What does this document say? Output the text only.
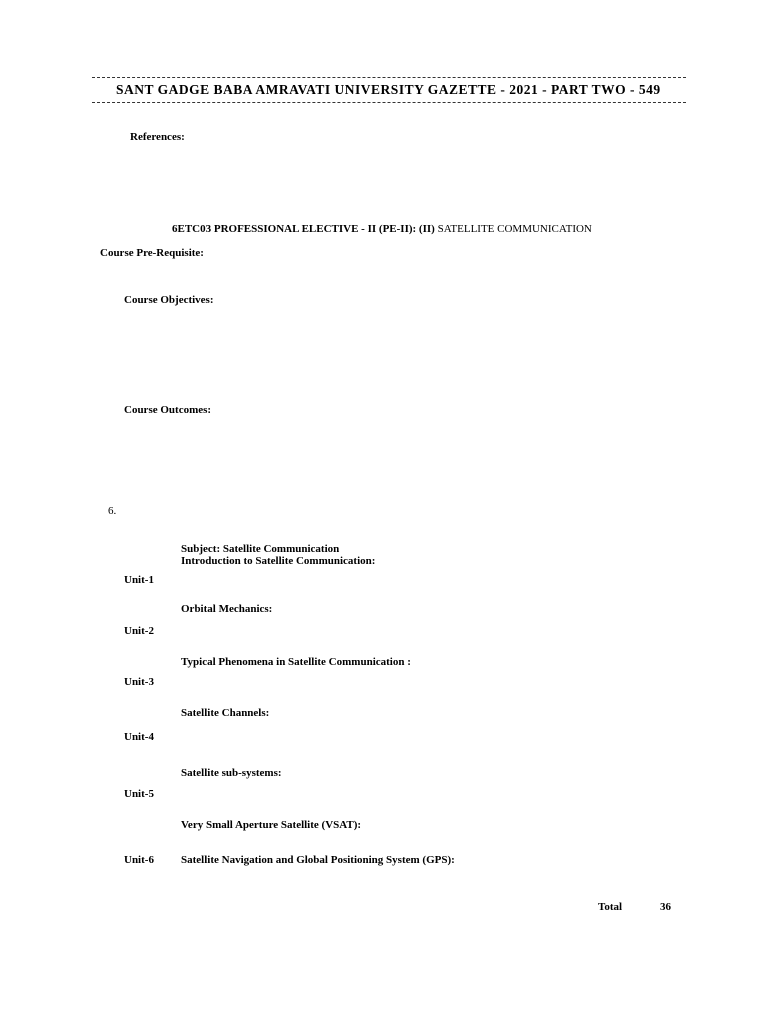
SANT GADGE BABA AMRAVATI UNIVERSITY GAZETTE - 2021 - PART TWO - 549
References:
6ETC03 PROFESSIONAL ELECTIVE - II (PE-II): (II) SATELLITE COMMUNICATION
Course Pre-Requisite:
Course Objectives:
Course Outcomes:
6.
Subject: Satellite Communication
Introduction to Satellite Communication:
Unit-1
Orbital Mechanics:
Unit-2
Typical Phenomena in Satellite Communication :
Unit-3
Satellite Channels:
Unit-4
Satellite sub-systems:
Unit-5
Very Small Aperture Satellite (VSAT):
Unit-6 Satellite Navigation and Global Positioning System (GPS):
Total	36
